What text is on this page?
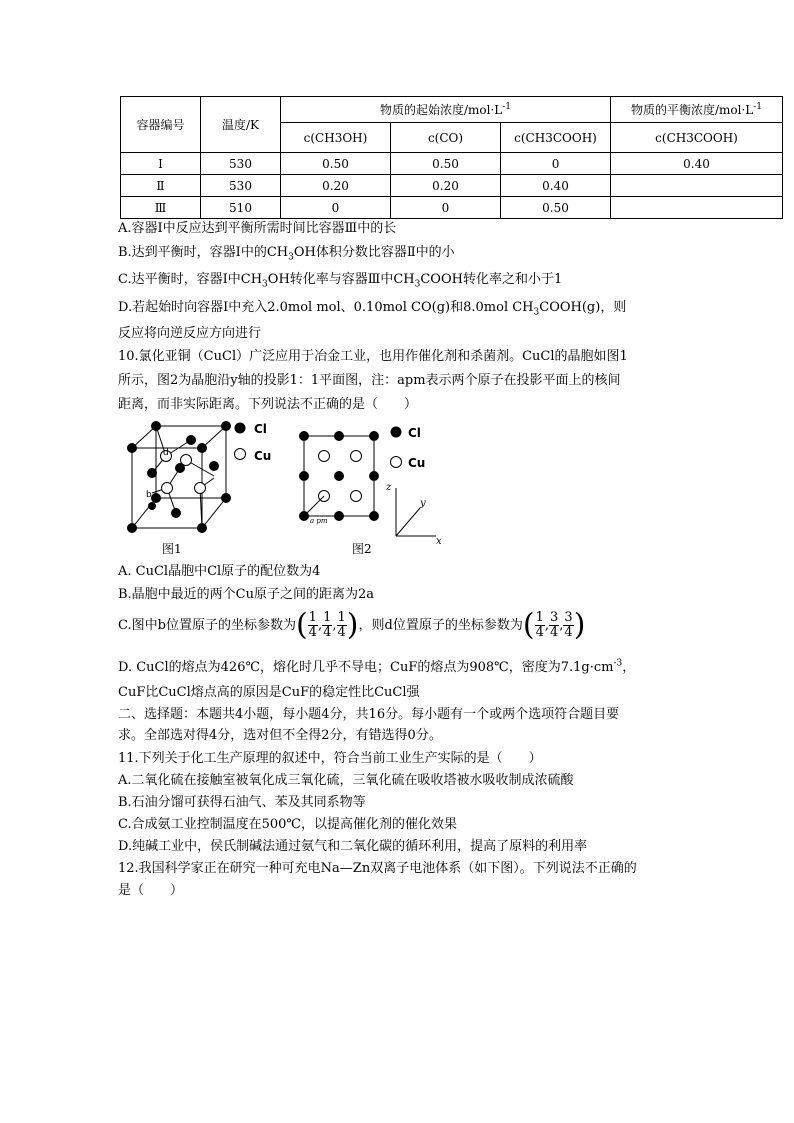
容器编号	温度/K	物质的起始浓度$/mol\cdot L^{-1}$			物质的平衡浓度$/mol\cdot L^{-1}$
		c(CH3OH)	c(CO)	c(CH3COOH)	c(CH3COOH)
Ⅰ	530	0.50	0.50	0	0.40
Ⅱ	530	0.20	0.20	0.40	
Ⅲ	510	0	0	0.50	
A.容器Ⅰ中反应达到平衡所需时间比容器Ⅲ中的长
B.达到平衡时，容器Ⅰ中的$CH_3OH$体积分数比容器Ⅱ中的小
C.达平衡时，容器Ⅰ中$CH_3OH$转化率与容器Ⅲ中$CH_3COOH$转化率之和小于1
D.若起始时向容器Ⅰ中充入2.0mol mol、0.10mol CO(g)和8.0mol $CH_3COOH(g)$，则
反应将向逆反应方向进行
10.氯化亚铜（CuCl）广泛应用于冶金工业，也用作催化剂和杀菌剂。CuCl的晶胞如图1
所示，图2为晶胞沿y轴的投影1：1平面图，注：apm表示两个原子在投影平面上的核间
距离，而非实际距离。下列说法不正确的是（　　）
d
b
Cl
Cu
图1
a pm
Cl
Cu
z
y
x
图2
A. CuCl晶胞中Cl原子的配位数为4
B.晶胞中最近的两个Cu原子之间的距离为2a
C.图中b位置原子的坐标参数为( $\frac{1}{4}$ , $\frac{1}{4}$ , $\frac{1}{4}$ )，则d位置原子的坐标参数为( $\frac{1}{4}$ , $\frac{3}{4}$ , $\frac{3}{4}$ )
D. CuCl的熔点为426℃，熔化时几乎不导电；CuF的熔点为908℃，密度为$7.1g\cdot cm^{-3}$，
CuF比CuCl熔点高的原因是CuF的稳定性比CuCl强
二、选择题：本题共4小题，每小题4分，共16分。每小题有一个或两个选项符合题目要
求。全部选对得4分，选对但不全得2分，有错选得0分。
11.下列关于化工生产原理的叙述中，符合当前工业生产实际的是（　　）
A.二氧化硫在接触室被氧化成三氧化硫，三氧化硫在吸收塔被水吸收制成浓硫酸
B.石油分馏可获得石油气、苯及其同系物等
C.合成氨工业控制温度在500℃，以提高催化剂的催化效果
D.纯碱工业中，侯氏制碱法通过氨气和二氧化碳的循环利用，提高了原料的利用率
12.我国科学家正在研究一种可充电Na—Zn双离子电池体系（如下图）。下列说法不正确的
是（　　）
